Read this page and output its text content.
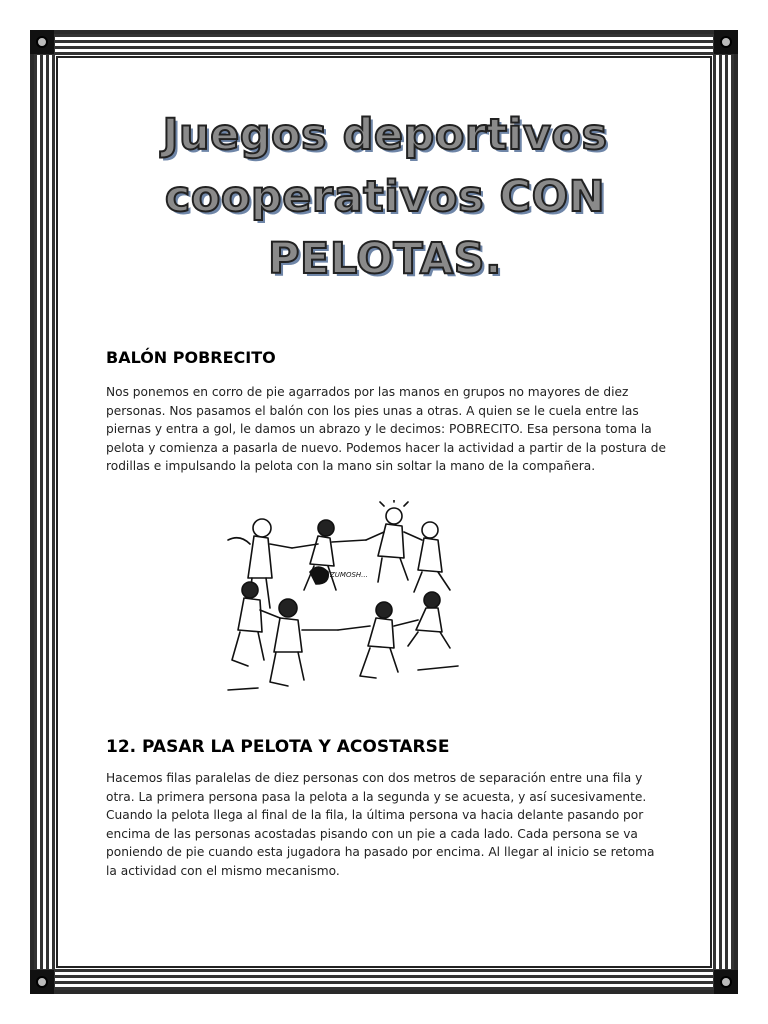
Juegos deportivos
cooperativos CON
PELOTAS.
BALÓN POBRECITO

Nos ponemos en corro de pie agarrados por las manos en grupos no mayores de diez personas. Nos pasamos el balón con los pies unas a otras. A quien se le cuela entre las piernas y entra a gol, le damos un abrazo y le decimos: POBRECITO. Esa persona toma la pelota y comienza a pasarla de nuevo. Podemos hacer la actividad a partir de la postura de rodillas e impulsando la pelota con la mano sin soltar la mano de la compañera.

ZUMOSH...
12. PASAR LA PELOTA Y ACOSTARSE

Hacemos filas paralelas de diez personas con dos metros de separación entre una fila y otra. La primera persona pasa la pelota a la segunda y se acuesta, y así sucesivamente. Cuando la pelota llega al final de la fila, la última persona va hacia delante pasando por encima de las personas acostadas pisando con un pie a cada lado. Cada persona se va poniendo de pie cuando esta jugadora ha pasado por encima. Al llegar al inicio se retoma la actividad con el mismo mecanismo.
